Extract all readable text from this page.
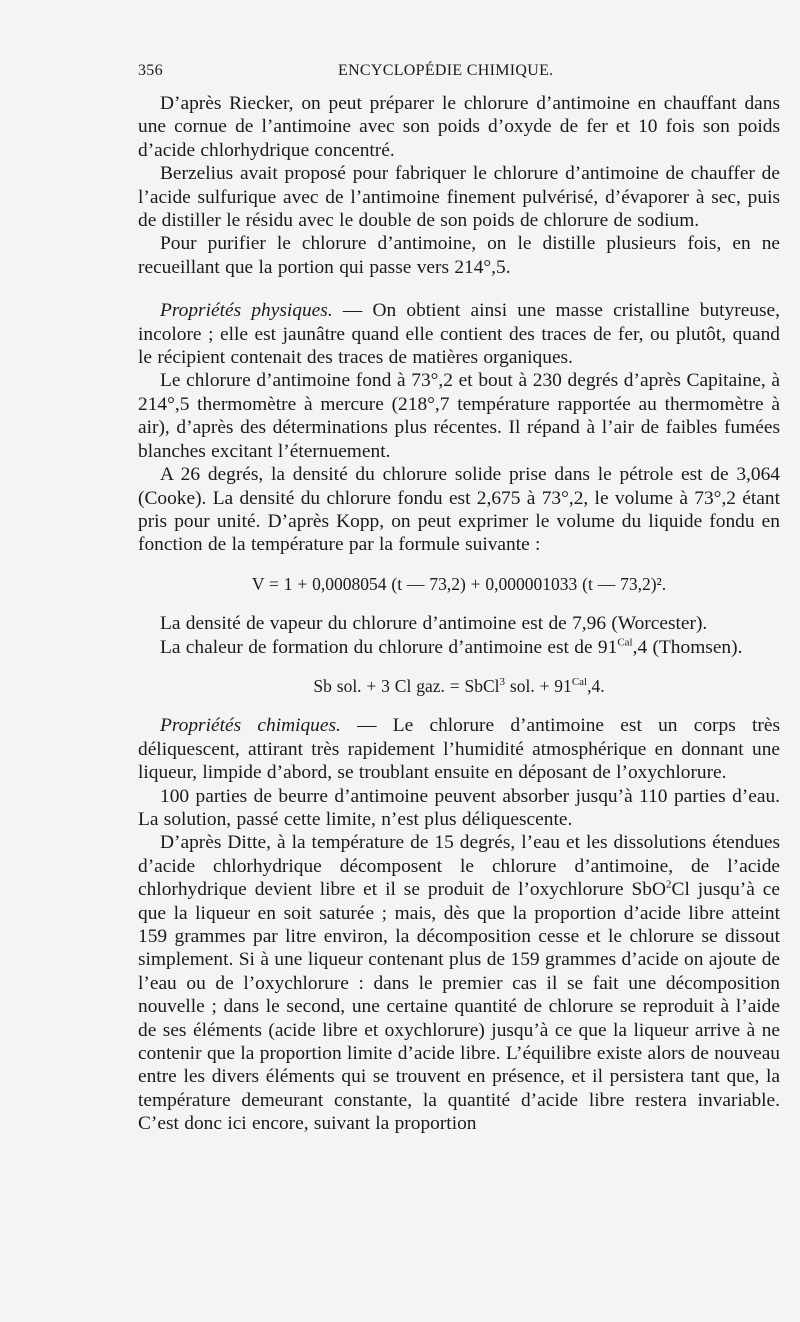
356	ENCYCLOPÉDIE CHIMIQUE.

D’après Riecker, on peut préparer le chlorure d’antimoine en chauffant dans une cornue de l’antimoine avec son poids d’oxyde de fer et 10 fois son poids d’acide chlorhydrique concentré.

Berzelius avait proposé pour fabriquer le chlorure d’antimoine de chauffer de l’acide sulfurique avec de l’antimoine finement pulvérisé, d’évaporer à sec, puis de distiller le résidu avec le double de son poids de chlorure de sodium.

Pour purifier le chlorure d’antimoine, on le distille plusieurs fois, en ne recueillant que la portion qui passe vers 214°,5.

Propriétés physiques. — On obtient ainsi une masse cristalline butyreuse, incolore ; elle est jaunâtre quand elle contient des traces de fer, ou plutôt, quand le récipient contenait des traces de matières organiques.

Le chlorure d’antimoine fond à 73°,2 et bout à 230 degrés d’après Capitaine, à 214°,5 thermomètre à mercure (218°,7 température rapportée au thermomètre à air), d’après des déterminations plus récentes. Il répand à l’air de faibles fumées blanches excitant l’éternuement.

A 26 degrés, la densité du chlorure solide prise dans le pétrole est de 3,064 (Cooke). La densité du chlorure fondu est 2,675 à 73°,2, le volume à 73°,2 étant pris pour unité. D’après Kopp, on peut exprimer le volume du liquide fondu en fonction de la température par la formule suivante :

V = 1 + 0,0008054 (t — 73,2) + 0,000001033 (t — 73,2)².

La densité de vapeur du chlorure d’antimoine est de 7,96 (Worcester).

La chaleur de formation du chlorure d’antimoine est de $91^{Cal},4$ (Thomsen).

Sb sol. + 3 Cl gaz. = SbCl$^3$ sol. + $91^{Cal},4$.

Propriétés chimiques. — Le chlorure d’antimoine est un corps très déliquescent, attirant très rapidement l’humidité atmosphérique en donnant une liqueur, limpide d’abord, se troublant ensuite en déposant de l’oxychlorure.

100 parties de beurre d’antimoine peuvent absorber jusqu’à 110 parties d’eau. La solution, passé cette limite, n’est plus déliquescente.

D’après Ditte, à la température de 15 degrés, l’eau et les dissolutions étendues d’acide chlorhydrique décomposent le chlorure d’antimoine, de l’acide chlorhydrique devient libre et il se produit de l’oxychlorure SbO$^2$Cl jusqu’à ce que la liqueur en soit saturée ; mais, dès que la proportion d’acide libre atteint 159 grammes par litre environ, la décomposition cesse et le chlorure se dissout simplement. Si à une liqueur contenant plus de 159 grammes d’acide on ajoute de l’eau ou de l’oxychlorure : dans le premier cas il se fait une décomposition nouvelle ; dans le second, une certaine quantité de chlorure se reproduit à l’aide de ses éléments (acide libre et oxychlorure) jusqu’à ce que la liqueur arrive à ne contenir que la proportion limite d’acide libre. L’équilibre existe alors de nouveau entre les divers éléments qui se trouvent en présence, et il persistera tant que, la température demeurant constante, la quantité d’acide libre restera invariable. C’est donc ici encore, suivant la proportion
